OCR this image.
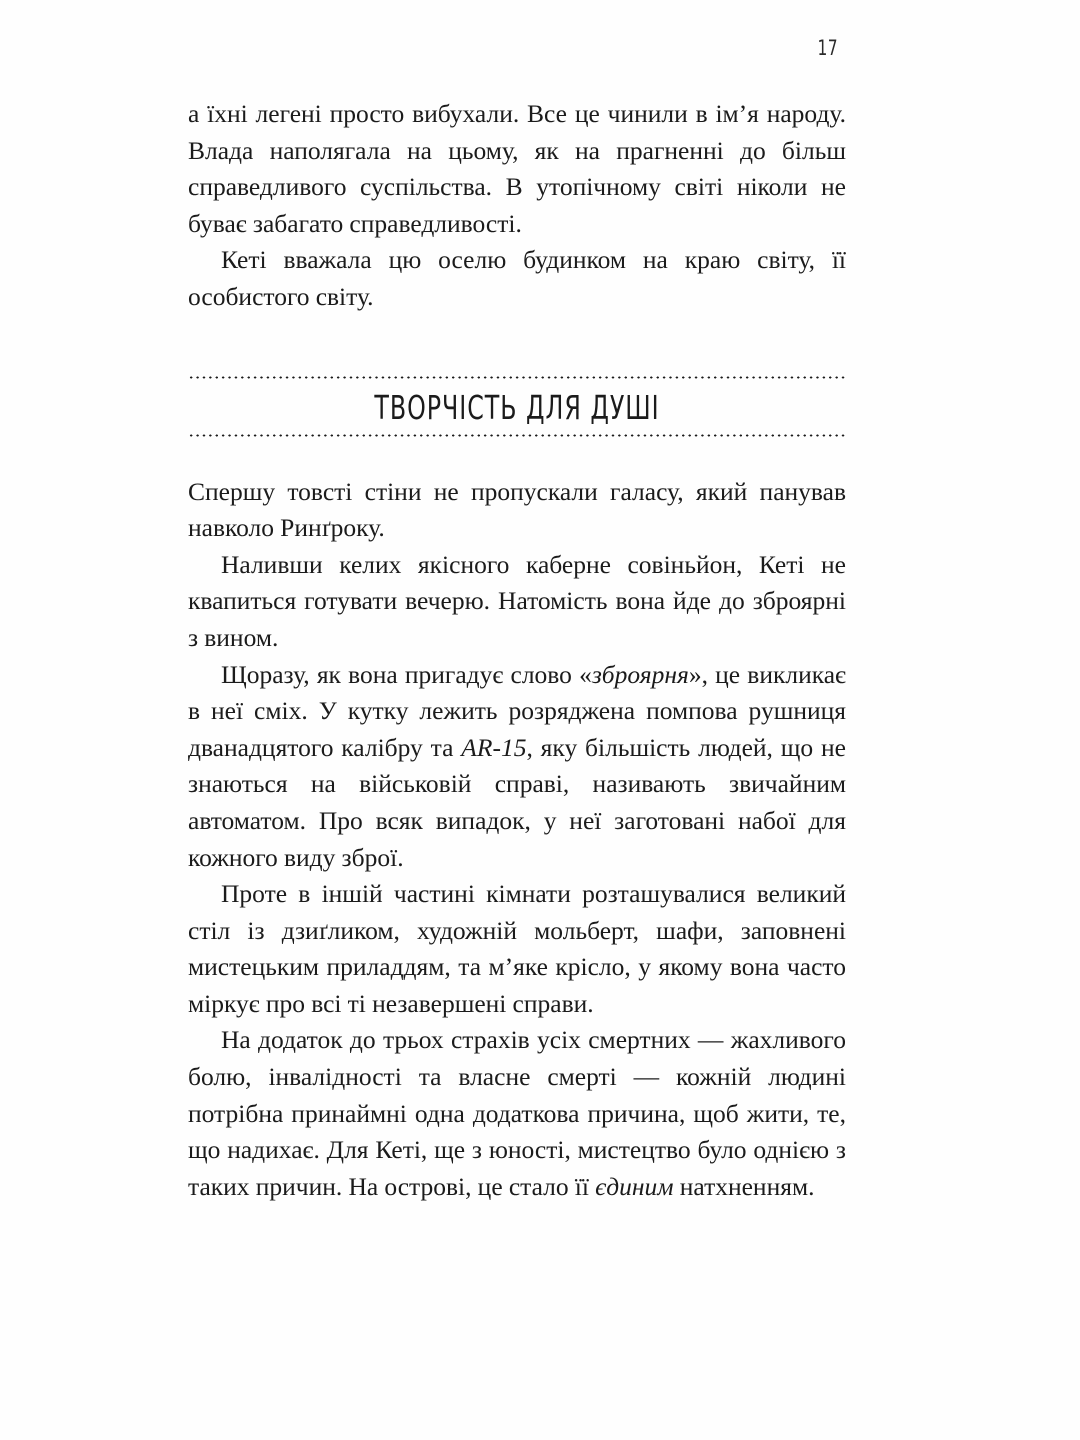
17

а їхні легені просто вибухали. Все це чинили в ім’я народу. Влада наполягала на цьому, як на прагненні до більш справедливого суспільства. В утопічному світі ніколи не буває забагато справедливості.

Кеті вважала цю оселю будинком на краю світу, її особистого світу.

ТВОРЧІСТЬ ДЛЯ ДУШІ

Спершу товсті стіни не пропускали галасу, який панував навколо Ринґроку.

Наливши келих якісного каберне совіньйон, Кеті не квапиться готувати вечерю. Натомість вона йде до зброярні з вином.

Щоразу, як вона пригадує слово «зброярня», це викликає в неї сміх. У кутку лежить розряджена помпова рушниця дванадцятого калібру та AR-15, яку більшість людей, що не знаються на військовій справі, називають звичайним автоматом. Про всяк випадок, у неї заготовані набої для кожного виду зброї.

Проте в іншій частині кімнати розташувалися великий стіл із дзиґликом, художній мольберт, шафи, заповнені мистецьким приладдям, та м’яке крісло, у якому вона часто міркує про всі ті незавершені справи.

На додаток до трьох страхів усіх смертних — жахливого болю, інвалідності та власне смерті — кожній людині потрібна принаймні одна додаткова причина, щоб жити, те, що надихає. Для Кеті, ще з юності, мистецтво було однією з таких причин. На острові, це стало її єдиним натхненням.
